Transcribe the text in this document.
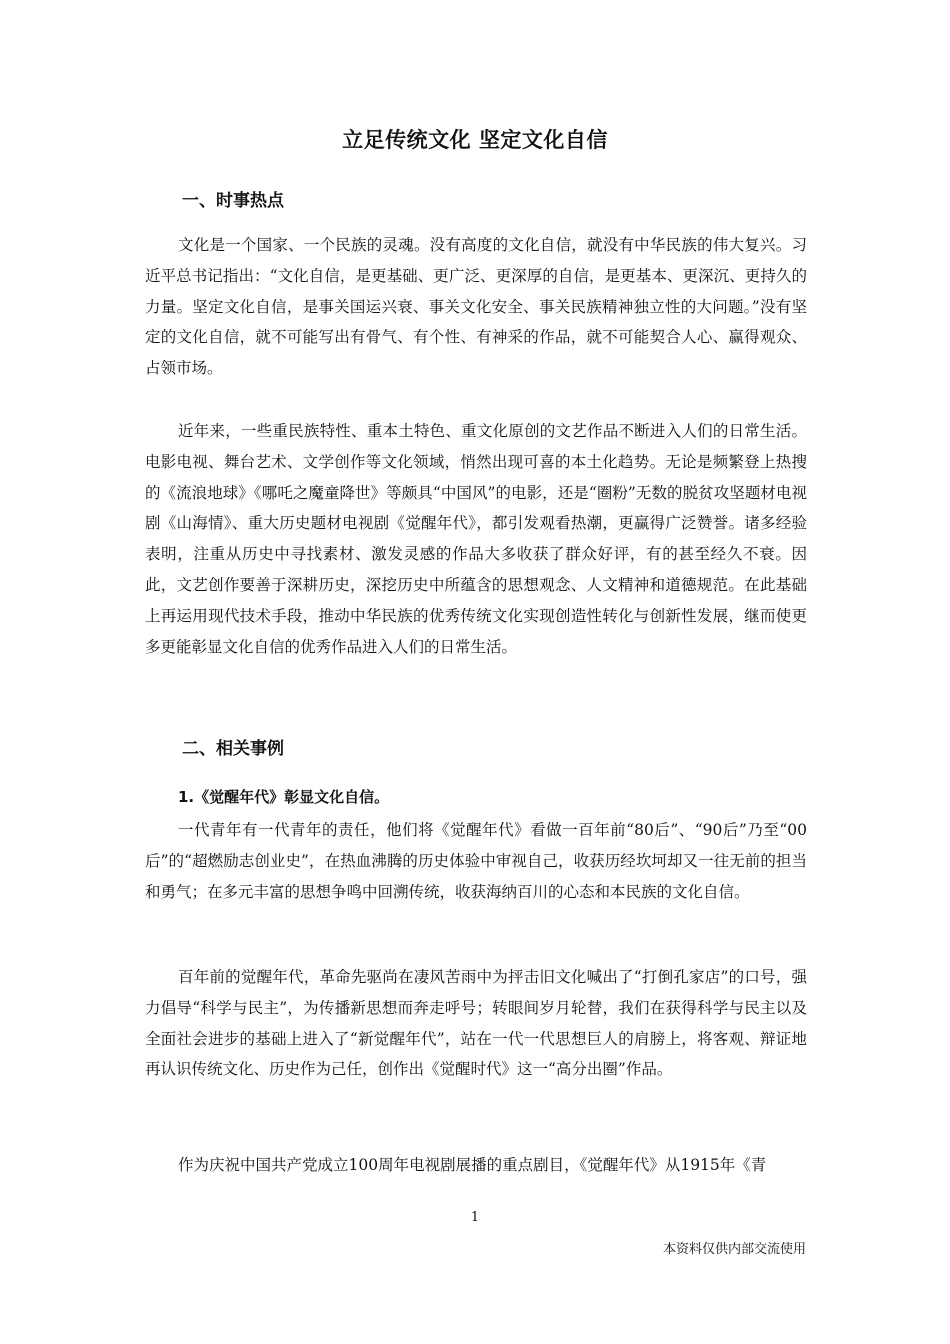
立足传统文化 坚定文化自信
一、时事热点

文化是一个国家、一个民族的灵魂。没有高度的文化自信，就没有中华民族的伟大复兴。习近平总书记指出：“文化自信，是更基础、更广泛、更深厚的自信，是更基本、更深沉、更持久的力量。坚定文化自信，是事关国运兴衰、事关文化安全、事关民族精神独立性的大问题。”没有坚定的文化自信，就不可能写出有骨气、有个性、有神采的作品，就不可能契合人心、赢得观众、占领市场。

近年来，一些重民族特性、重本土特色、重文化原创的文艺作品不断进入人们的日常生活。电影电视、舞台艺术、文学创作等文化领域，悄然出现可喜的本土化趋势。无论是频繁登上热搜的《流浪地球》《哪吒之魔童降世》等颇具“中国风”的电影，还是“圈粉”无数的脱贫攻坚题材电视剧《山海情》、重大历史题材电视剧《觉醒年代》，都引发观看热潮，更赢得广泛赞誉。诸多经验表明，注重从历史中寻找素材、激发灵感的作品大多收获了群众好评，有的甚至经久不衰。因此，文艺创作要善于深耕历史，深挖历史中所蕴含的思想观念、人文精神和道德规范。在此基础上再运用现代技术手段，推动中华民族的优秀传统文化实现创造性转化与创新性发展，继而使更多更能彰显文化自信的优秀作品进入人们的日常生活。

二、相关事例
1.《觉醒年代》彰显文化自信。

一代青年有一代青年的责任，他们将《觉醒年代》看做一百年前“80后”、“90后”乃至“00后”的“超燃励志创业史”，在热血沸腾的历史体验中审视自己，收获历经坎坷却又一往无前的担当和勇气；在多元丰富的思想争鸣中回溯传统，收获海纳百川的心态和本民族的文化自信。

百年前的觉醒年代，革命先驱尚在凄风苦雨中为抨击旧文化喊出了“打倒孔家店”的口号，强力倡导“科学与民主”，为传播新思想而奔走呼号；转眼间岁月轮替，我们在获得科学与民主以及全面社会进步的基础上进入了“新觉醒年代”，站在一代一代思想巨人的肩膀上，将客观、辩证地再认识传统文化、历史作为己任，创作出《觉醒时代》这一“高分出圈”作品。

作为庆祝中国共产党成立100周年电视剧展播的重点剧目，《觉醒年代》从1915年《青

1
本资料仅供内部交流使用
